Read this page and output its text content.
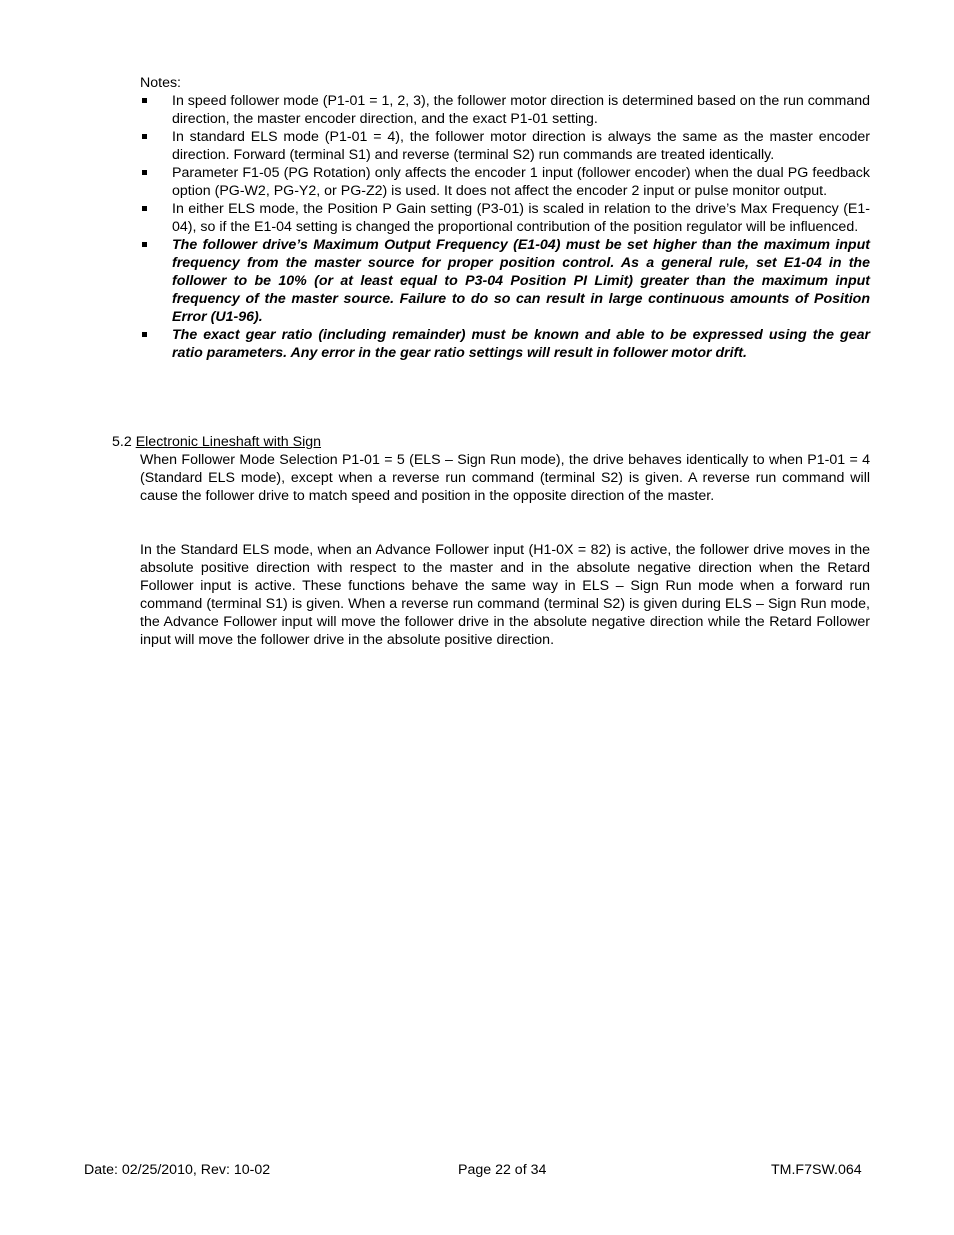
Notes:
In speed follower mode (P1-01 = 1, 2, 3), the follower motor direction is determined based on the run command direction, the master encoder direction, and the exact P1-01 setting.
In standard ELS mode (P1-01 = 4), the follower motor direction is always the same as the master encoder direction. Forward (terminal S1) and reverse (terminal S2) run commands are treated identically.
Parameter F1-05 (PG Rotation) only affects the encoder 1 input (follower encoder) when the dual PG feedback option (PG-W2, PG-Y2, or PG-Z2) is used. It does not affect the encoder 2 input or pulse monitor output.
In either ELS mode, the Position P Gain setting (P3-01) is scaled in relation to the drive’s Max Frequency (E1-04), so if the E1-04 setting is changed the proportional contribution of the position regulator will be influenced.
The follower drive’s Maximum Output Frequency (E1-04) must be set higher than the maximum input frequency from the master source for proper position control. As a general rule, set E1-04 in the follower to be 10% (or at least equal to P3-04 Position PI Limit) greater than the maximum input frequency of the master source. Failure to do so can result in large continuous amounts of Position Error (U1-96).
The exact gear ratio (including remainder) must be known and able to be expressed using the gear ratio parameters. Any error in the gear ratio settings will result in follower motor drift.
5.2 Electronic Lineshaft with Sign

When Follower Mode Selection P1-01 = 5 (ELS – Sign Run mode), the drive behaves identically to when P1-01 = 4 (Standard ELS mode), except when a reverse run command (terminal S2) is given. A reverse run command will cause the follower drive to match speed and position in the opposite direction of the master.

In the Standard ELS mode, when an Advance Follower input (H1-0X = 82) is active, the follower drive moves in the absolute positive direction with respect to the master and in the absolute negative direction when the Retard Follower input is active. These functions behave the same way in ELS – Sign Run mode when a forward run command (terminal S1) is given. When a reverse run command (terminal S2) is given during ELS – Sign Run mode, the Advance Follower input will move the follower drive in the absolute negative direction while the Retard Follower input will move the follower drive in the absolute positive direction.

Date: 02/25/2010, Rev: 10-02	Page 22 of 34	TM.F7SW.064
